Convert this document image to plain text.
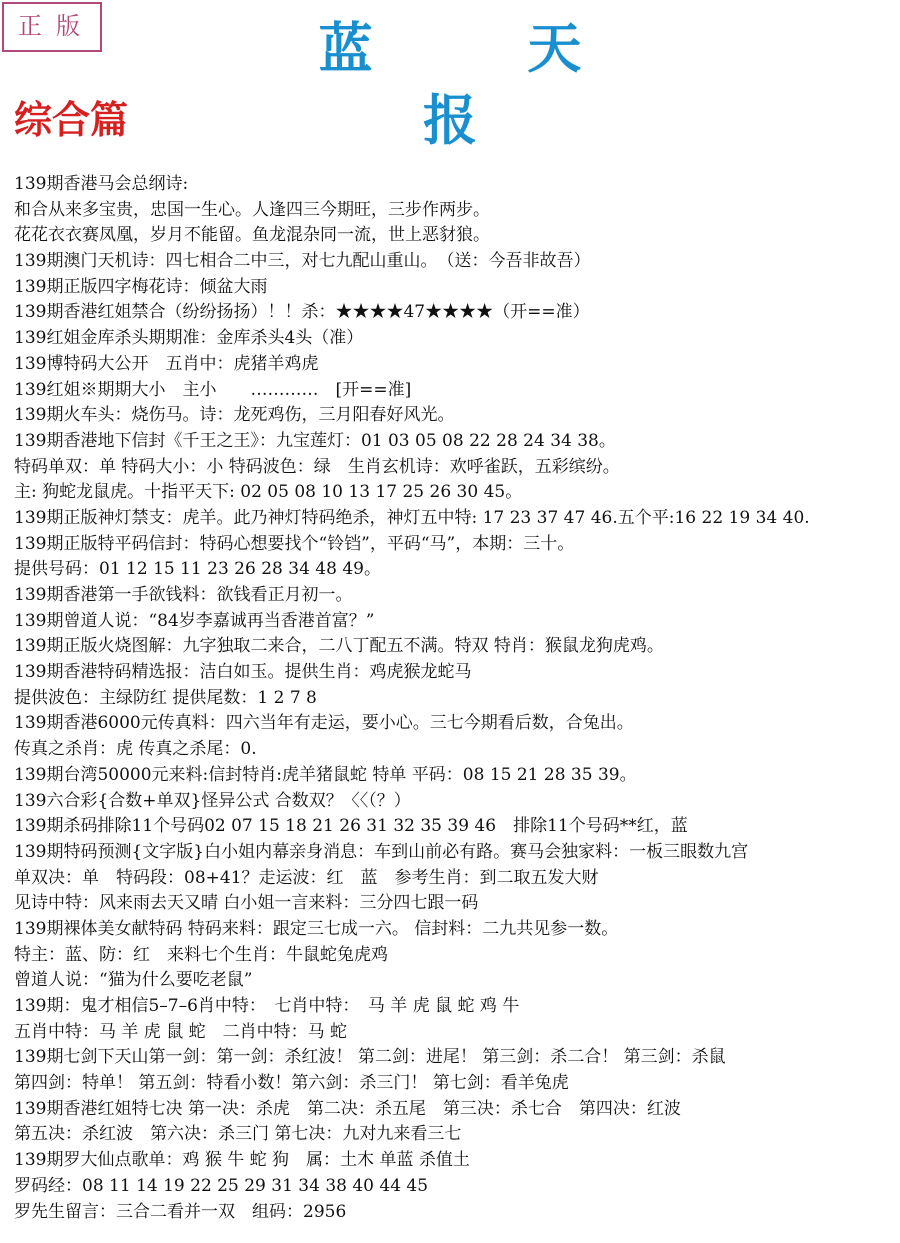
正版	蓝 天 报
综合篇
139期香港马会总纲诗:
和合从来多宝贵，忠国一生心。人逢四三今期旺，三步作两步。
花花衣衣赛凤凰，岁月不能留。鱼龙混杂同一流，世上恶豺狼。
139期澳门天机诗：四七相合二中三，对七九配山重山。　（送：今吾非故吾）
139期正版四字梅花诗：倾盆大雨
139期香港红姐禁合（纷纷扬扬）！！杀：★★★★47★★★★（开==准）
139红姐金库杀头期期准：金库杀头4头（准）
139博特码大公开　五肖中：虎猪羊鸡虎
139红姐※期期大小　主小　　…………　[开==准]
139期火车头：烧伤马。诗：龙死鸡伤，三月阳春好风光。
139期香港地下信封《千王之王》：九宝莲灯：01 03 05 08 22 28 24 34 38。
特码单双：单 特码大小：小 特码波色：绿　生肖玄机诗：欢呼雀跃，五彩缤纷。
主: 狗蛇龙鼠虎。十指平天下: 02 05 08 10 13 17 25 26 30 45。
139期正版神灯禁支：虎羊。此乃神灯特码绝杀，神灯五中特: 17 23 37 47 46.五个平:16 22 19 34 40.
139期正版特平码信封：特码心想要找个“铃铛”，平码“马”，本期：三十。
提供号码：01 12 15 11 23 26 28 34 48 49。
139期香港第一手欲钱料：欲钱看正月初一。
139期曾道人说：“84岁李嘉诚再当香港首富？”
139期正版火烧图解：九字独取二来合，二八丁配五不满。特双 特肖：猴鼠龙狗虎鸡。
139期香港特码精选报：洁白如玉。提供生肖：鸡虎猴龙蛇马
提供波色：主绿防红 提供尾数：1 2 7 8
139期香港6000元传真料：四六当年有走运，要小心。三七今期看后数，合兔出。
传真之杀肖：虎 传真之杀尾：0.
139期台湾50000元来料:信封特肖:虎羊猪鼠蛇 特单 平码：08 15 21 28 35 39。
139六合彩{合数+单双}怪异公式 合数双？〈〈（？）
139期杀码排除11个号码02 07 15 18 21 26 31 32 35 39 46　排除11个号码**红，蓝
139期特码预测{文字版}白小姐内幕亲身消息：车到山前必有路。赛马会独家料：一板三眼数九宫
单双决：单　特码段：08+41？走运波：红　蓝　参考生肖：到二取五发大财
见诗中特：风来雨去天又晴 白小姐一言来料：三分四七跟一码
139期裸体美女献特码 特码来料：跟定三七成一六。 信封料：二九共见参一数。
特主：蓝、防：红　来料七个生肖：牛鼠蛇兔虎鸡
曾道人说：“猫为什么要吃老鼠”
139期：鬼才相信5–7–6肖中特：　七肖中特：　马 羊 虎 鼠 蛇 鸡 牛
五肖中特：马 羊 虎 鼠 蛇　二肖中特：马 蛇
139期七剑下天山第一剑：第一剑：杀红波！ 第二剑：进尾！ 第三剑：杀二合！ 第三剑：杀鼠
第四剑：特单！ 第五剑：特看小数！第六剑：杀三门！ 第七剑：看羊兔虎
139期香港红姐特七决 第一决：杀虎　第二决：杀五尾　第三决：杀七合　第四决：红波
第五决：杀红波　第六决：杀三门 第七决：九对九来看三七
139期罗大仙点歌单：鸡 猴 牛 蛇 狗　属：土木 单蓝 杀值土
罗码经：08 11 14 19 22 25 29 31 34 38 40 44 45
罗先生留言：三合二看并一双　组码：2956
